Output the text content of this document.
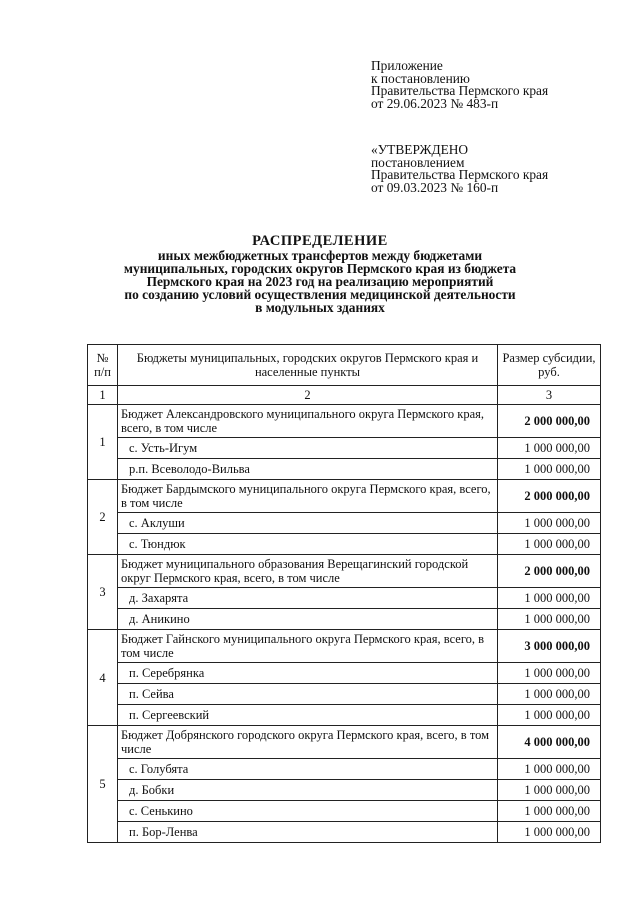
Приложение
к постановлению
Правительства Пермского края
от 29.06.2023 № 483-п
«УТВЕРЖДЕНО
постановлением
Правительства Пермского края
от 09.03.2023 № 160-п
РАСПРЕДЕЛЕНИЕ
иных межбюджетных трансфертов между бюджетами
муниципальных, городских округов Пермского края из бюджета
Пермского края на 2023 год на реализацию мероприятий
по созданию условий осуществления медицинской деятельности
в модульных зданиях
№ п/п	Бюджеты муниципальных, городских округов Пермского края и населенные пункты	Размер субсидии, руб.
1	2	3
1	Бюджет Александровского муниципального округа Пермского края, всего, в том числе	2 000 000,00
	с. Усть-Игум	1 000 000,00
	р.п. Всеволодо-Вильва	1 000 000,00
2	Бюджет Бардымского муниципального округа Пермского края, всего, в том числе	2 000 000,00
	с. Аклуши	1 000 000,00
	с. Тюндюк	1 000 000,00
3	Бюджет муниципального образования Верещагинский городской округ Пермского края, всего, в том числе	2 000 000,00
	д. Захарята	1 000 000,00
	д. Аникино	1 000 000,00
4	Бюджет Гайнского муниципального округа Пермского края, всего, в том числе	3 000 000,00
	п. Серебрянка	1 000 000,00
	п. Сейва	1 000 000,00
	п. Сергеевский	1 000 000,00
5	Бюджет Добрянского городского округа Пермского края, всего, в том числе	4 000 000,00
	с. Голубята	1 000 000,00
	д. Бобки	1 000 000,00
	с. Сенькино	1 000 000,00
	п. Бор-Ленва	1 000 000,00
